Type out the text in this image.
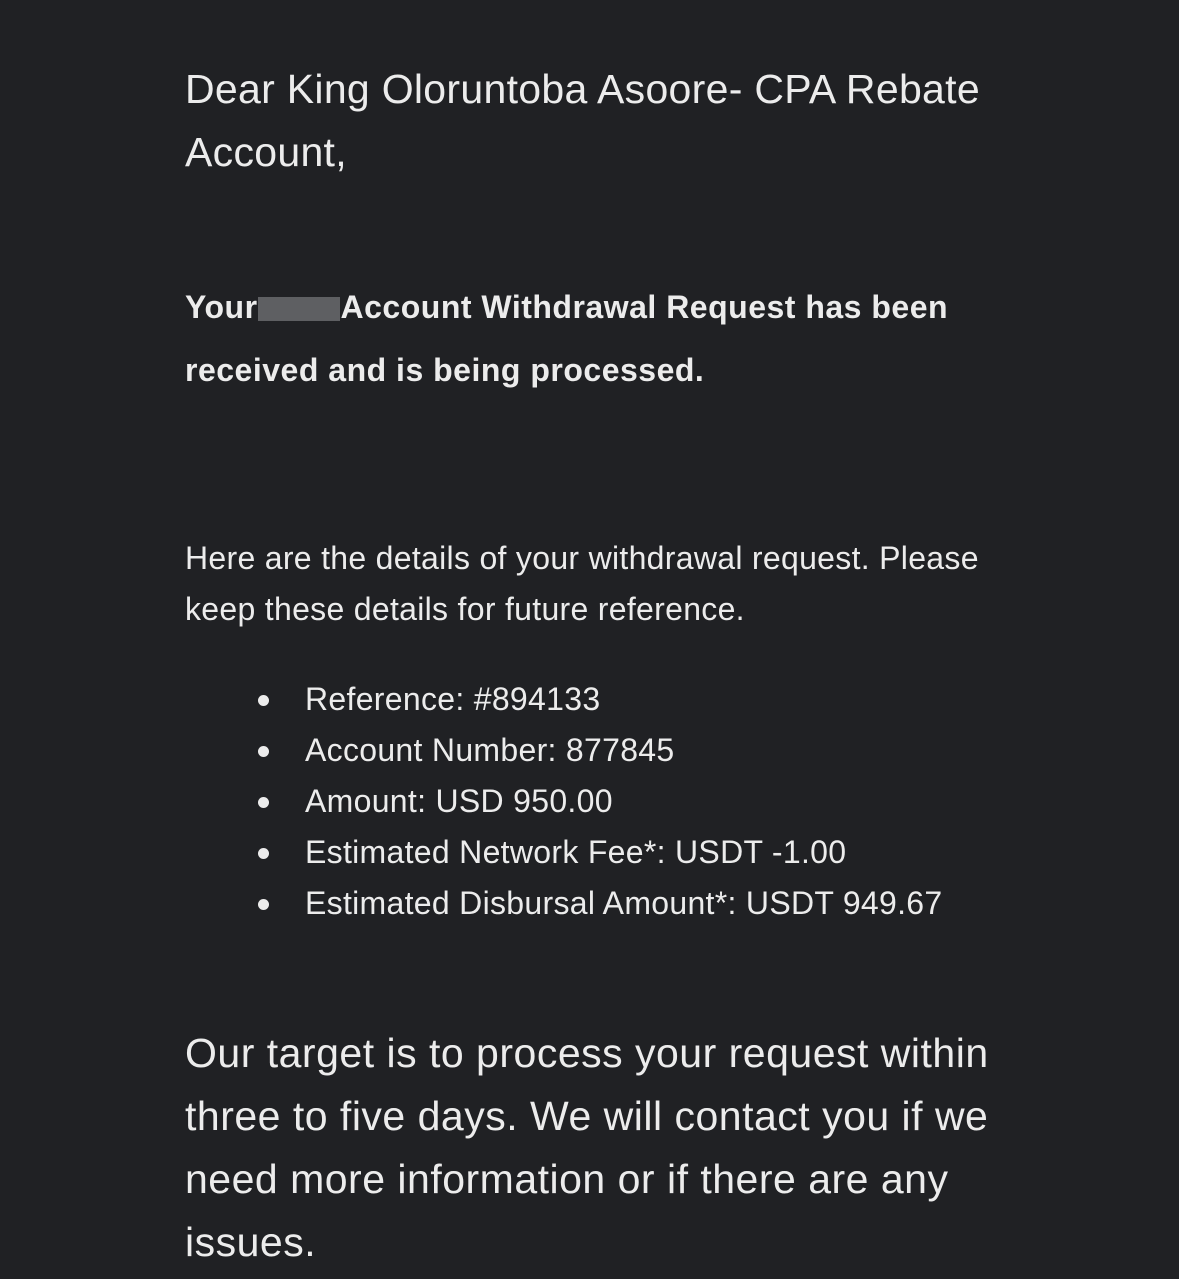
Dear King Oloruntoba Asoore- CPA Rebate Account,

Your	Account Withdrawal Request has been received and is being processed.

Here are the details of your withdrawal request. Please keep these details for future reference.

Reference: #894133
Account Number: 877845
Amount: USD 950.00
Estimated Network Fee*: USDT -1.00
Estimated Disbursal Amount*: USDT 949.67

Our target is to process your request within three to five days. We will contact you if we need more information or if there are any issues.
